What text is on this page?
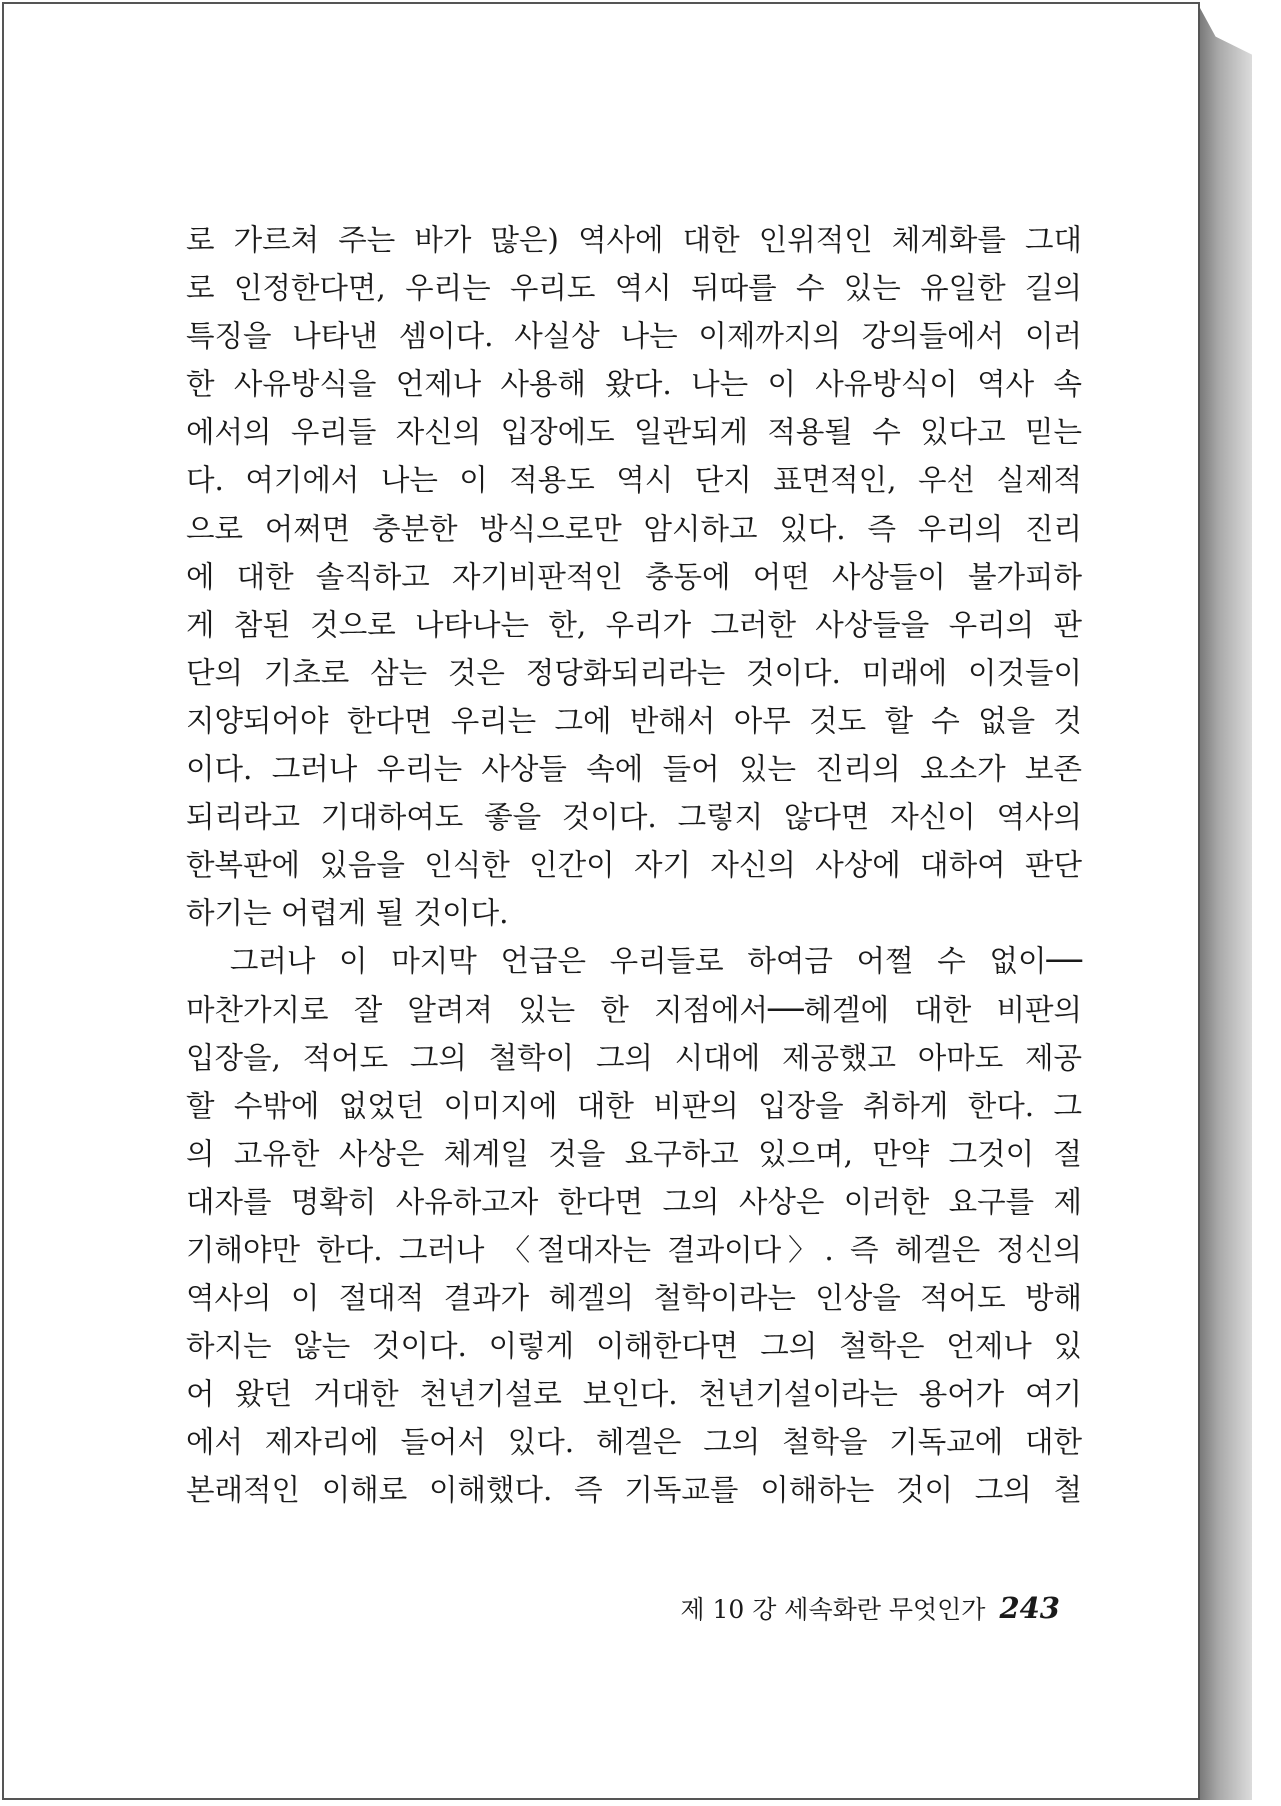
로 가르쳐 주는 바가 많은) 역사에 대한 인위적인 체계화를 그대
로 인정한다면, 우리는 우리도 역시 뒤따를 수 있는 유일한 길의
특징을 나타낸 셈이다. 사실상 나는 이제까지의 강의들에서 이러
한 사유방식을 언제나 사용해 왔다. 나는 이 사유방식이 역사 속
에서의 우리들 자신의 입장에도 일관되게 적용될 수 있다고 믿는
다. 여기에서 나는 이 적용도 역시 단지 표면적인, 우선 실제적
으로 어쩌면 충분한 방식으로만 암시하고 있다. 즉 우리의 진리
에 대한 솔직하고 자기비판적인 충동에 어떤 사상들이 불가피하
게 참된 것으로 나타나는 한, 우리가 그러한 사상들을 우리의 판
단의 기초로 삼는 것은 정당화되리라는 것이다. 미래에 이것들이
지양되어야 한다면 우리는 그에 반해서 아무 것도 할 수 없을 것
이다. 그러나 우리는 사상들 속에 들어 있는 진리의 요소가 보존
되리라고 기대하여도 좋을 것이다. 그렇지 않다면 자신이 역사의
한복판에 있음을 인식한 인간이 자기 자신의 사상에 대하여 판단
하기는 어렵게 될 것이다.
　그러나 이 마지막 언급은 우리들로 하여금 어쩔 수 없이──
마찬가지로 잘 알려져 있는 한 지점에서──헤겔에 대한 비판의
입장을, 적어도 그의 철학이 그의 시대에 제공했고 아마도 제공
할 수밖에 없었던 이미지에 대한 비판의 입장을 취하게 한다. 그
의 고유한 사상은 체계일 것을 요구하고 있으며, 만약 그것이 절
대자를 명확히 사유하고자 한다면 그의 사상은 이러한 요구를 제
기해야만 한다. 그러나 〈절대자는 결과이다〉. 즉 헤겔은 정신의
역사의 이 절대적 결과가 헤겔의 철학이라는 인상을 적어도 방해
하지는 않는 것이다. 이렇게 이해한다면 그의 철학은 언제나 있
어 왔던 거대한 천년기설로 보인다. 천년기설이라는 용어가 여기
에서 제자리에 들어서 있다. 헤겔은 그의 철학을 기독교에 대한
본래적인 이해로 이해했다. 즉 기독교를 이해하는 것이 그의 철
제 10 강 세속화란 무엇인가 243
